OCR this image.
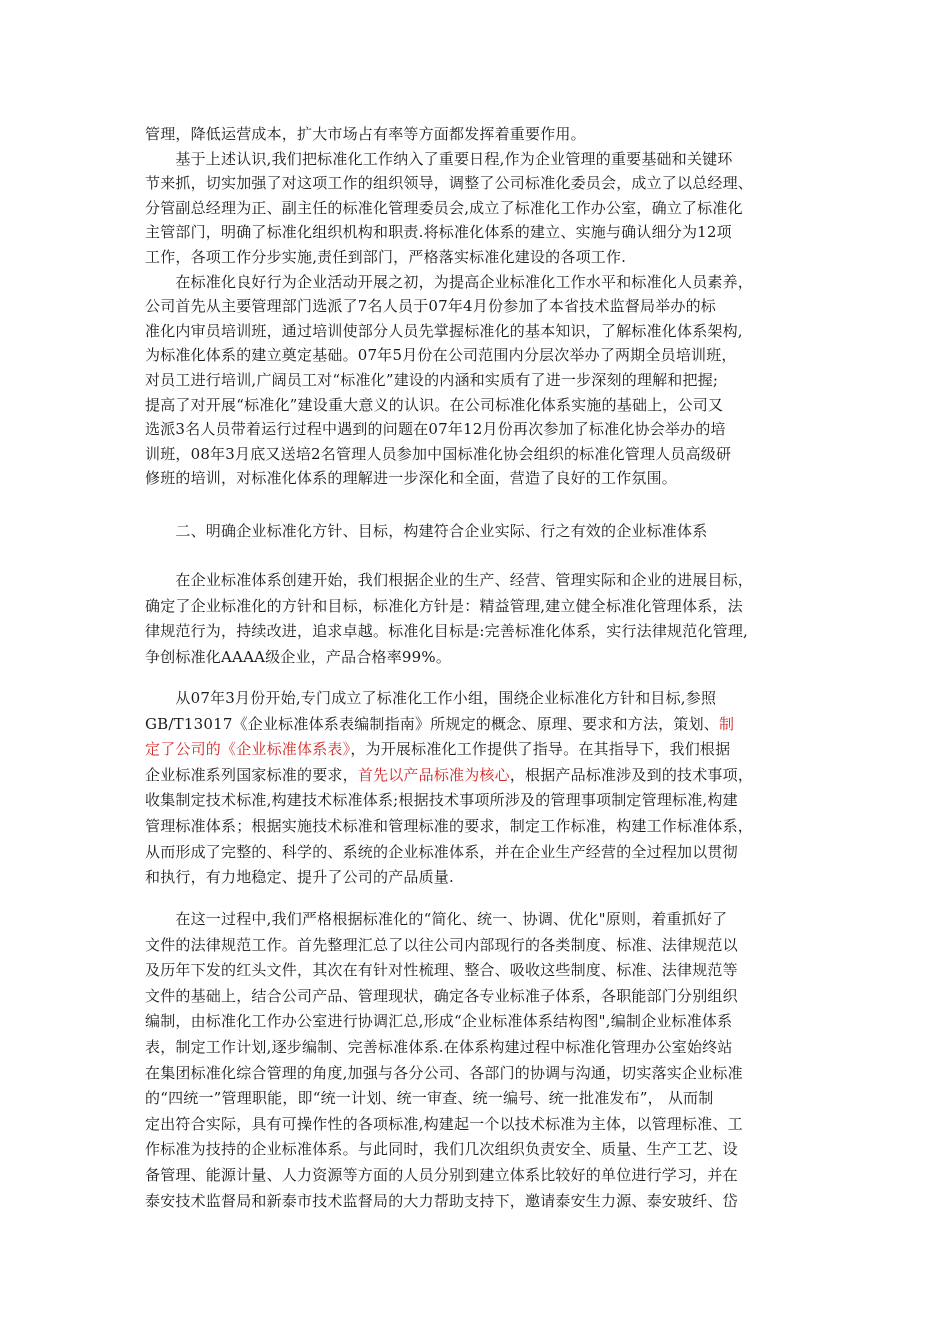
管理，降低运营成本，扩大市场占有率等方面都发挥着重要作用。
　　基于上述认识,我们把标准化工作纳入了重要日程,作为企业管理的重要基础和关键环
节来抓，切实加强了对这项工作的组织领导，调整了公司标准化委员会，成立了以总经理、
分管副总经理为正、副主任的标准化管理委员会,成立了标准化工作办公室，确立了标准化
主管部门，明确了标准化组织机构和职责.将标准化体系的建立、实施与确认细分为12项
工作，各项工作分步实施,责任到部门，严格落实标准化建设的各项工作.
　　在标准化良好行为企业活动开展之初，为提高企业标准化工作水平和标准化人员素养，
公司首先从主要管理部门选派了7名人员于07年4月份参加了本省技术监督局举办的标
准化内审员培训班，通过培训使部分人员先掌握标准化的基本知识，了解标准化体系架构,
为标准化体系的建立奠定基础。07年5月份在公司范围内分层次举办了两期全员培训班，
对员工进行培训,广阔员工对“标准化”建设的内涵和实质有了进一步深刻的理解和把握;
提高了对开展“标准化”建设重大意义的认识。在公司标准化体系实施的基础上，公司又
选派3名人员带着运行过程中遇到的问题在07年12月份再次参加了标准化协会举办的培
训班，08年3月底又送培2名管理人员参加中国标准化协会组织的标准化管理人员高级研
修班的培训，对标准化体系的理解进一步深化和全面，营造了良好的工作氛围。
　　二、明确企业标准化方针、目标，构建符合企业实际、行之有效的企业标准体系
　　在企业标准体系创建开始，我们根据企业的生产、经营、管理实际和企业的进展目标，
确定了企业标准化的方针和目标，标准化方针是：精益管理,建立健全标准化管理体系，法
律规范行为，持续改进，追求卓越。标准化目标是:完善标准化体系，实行法律规范化管理,
争创标准化AAAA级企业，产品合格率99%。
　　从07年3月份开始,专门成立了标准化工作小组，围绕企业标准化方针和目标,参照
GB/T13017《企业标准体系表编制指南》所规定的概念、原理、要求和方法，策划、制
定了公司的《企业标准体系表》，为开展标准化工作提供了指导。在其指导下，我们根据
企业标准系列国家标准的要求，首先以产品标准为核心，根据产品标准涉及到的技术事项，
收集制定技术标准,构建技术标准体系;根据技术事项所涉及的管理事项制定管理标准,构建
管理标准体系；根据实施技术标准和管理标准的要求，制定工作标准，构建工作标准体系，
从而形成了完整的、科学的、系统的企业标准体系，并在企业生产经营的全过程加以贯彻
和执行，有力地稳定、提升了公司的产品质量.
　　在这一过程中,我们严格根据标准化的“简化、统一、协调、优化"原则，着重抓好了
文件的法律规范工作。首先整理汇总了以往公司内部现行的各类制度、标准、法律规范以
及历年下发的红头文件，其次在有针对性梳理、整合、吸收这些制度、标准、法律规范等
文件的基础上，结合公司产品、管理现状，确定各专业标准子体系，各职能部门分别组织
编制，由标准化工作办公室进行协调汇总,形成“企业标准体系结构图",编制企业标准体系
表，制定工作计划,逐步编制、完善标准体系.在体系构建过程中标准化管理办公室始终站
在集团标准化综合管理的角度,加强与各分公司、各部门的协调与沟通，切实落实企业标准
的“四统一”管理职能，即“统一计划、统一审查、统一编号、统一批准发布”， 从而制
定出符合实际，具有可操作性的各项标准,构建起一个以技术标准为主体，以管理标准、工
作标准为技持的企业标准体系。与此同时，我们几次组织负责安全、质量、生产工艺、设
备管理、能源计量、人力资源等方面的人员分别到建立体系比较好的单位进行学习，并在
泰安技术监督局和新泰市技术监督局的大力帮助支持下，邀请泰安生力源、泰安玻纤、岱
